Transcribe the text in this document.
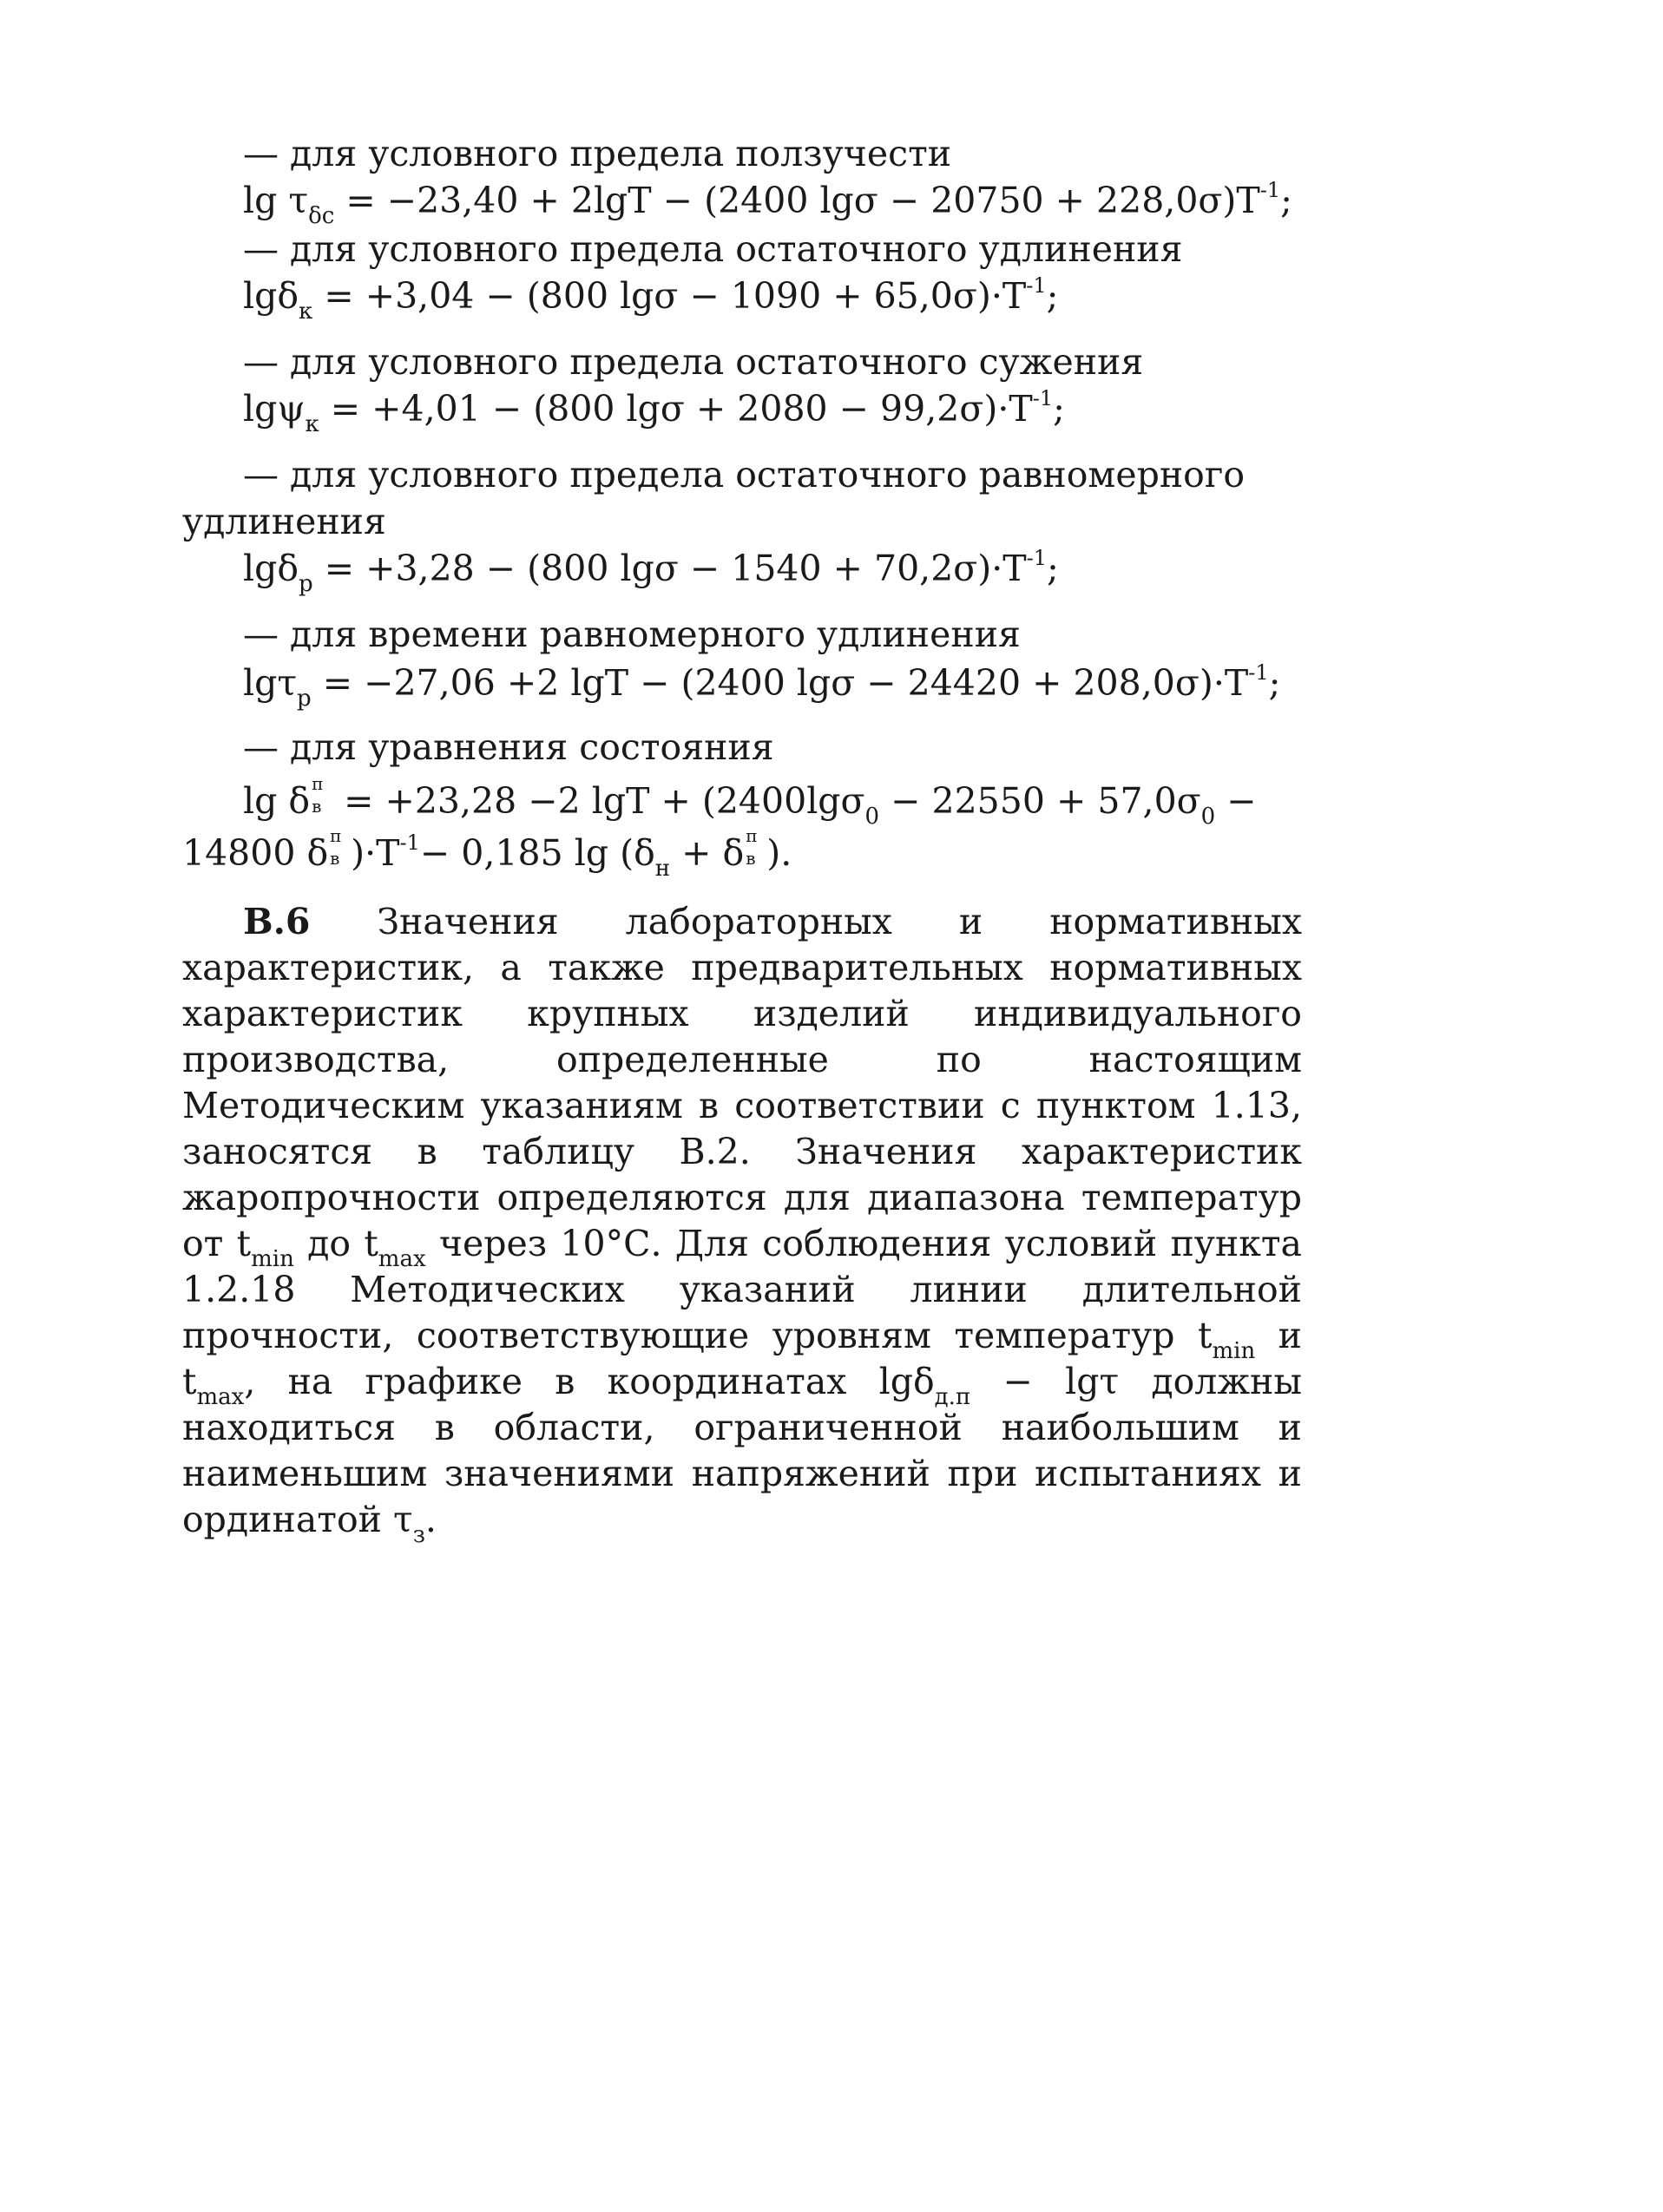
— для условного предела ползучести
$\lg \tau_{\delta c} = -23,40 + 2\lg T - (2400$ $\lg\sigma - 20750 + 228,0\sigma)T^{-1}$;
— для условного предела остаточного удлинения
lgδ$_к$ = +3,04 − (800 $\lg\sigma - 1090 + 65,0\sigma)\cdot T^{-1}$;
— для условного предела остаточного сужения
lgψ$_к$ = +4,01 − (800 $\lg\sigma + 2080 - 99,2\sigma)\cdot T^{-1}$;
— для условного предела остаточного равномерного
удлинения
lgδ$_р$ = +3,28 − (800 $\lg\sigma - 1540 + 70,2\sigma)\cdot T^{-1}$;
— для времени равномерного удлинения
lgτ$_р$ = −27,06 +2 lgT − (2400 $\lg\sigma - 24420 + 208,0\sigma)\cdot T^{-1}$;
— для уравнения состояния
lg δ п
в = +23,28 −2 $\lg T + (2400\lg\sigma_0 - 22550 + 57,0\sigma_0$ −
14800 δ п
в )$\cdot T^{-1}- 0,185$ $\lg (\delta_н + \delta$ п
в ).
В.6 Значения лабораторных и нормативных характеристик, а также предварительных нормативных характеристик крупных изделий индивидуального производства, определенные по настоящим Методическим указаниям в соответствии с пунктом 1.13, заносятся в таблицу В.2. Значения характеристик жаропрочности определяются для диапазона температур от $t_{min}$ до $t_{max}$ через 10°С. Для соблюдения условий пункта 1.2.18 Методических указаний линии длительной прочности, соответствующие уровням температур $t_{min}$ и $t_{max}$, на графике в координатах lgδ$_{д.п}$ − lgτ должны находиться в области, ограниченной наибольшим и наименьшим значениями напряжений при испытаниях и ординатой $\tau_з$.
